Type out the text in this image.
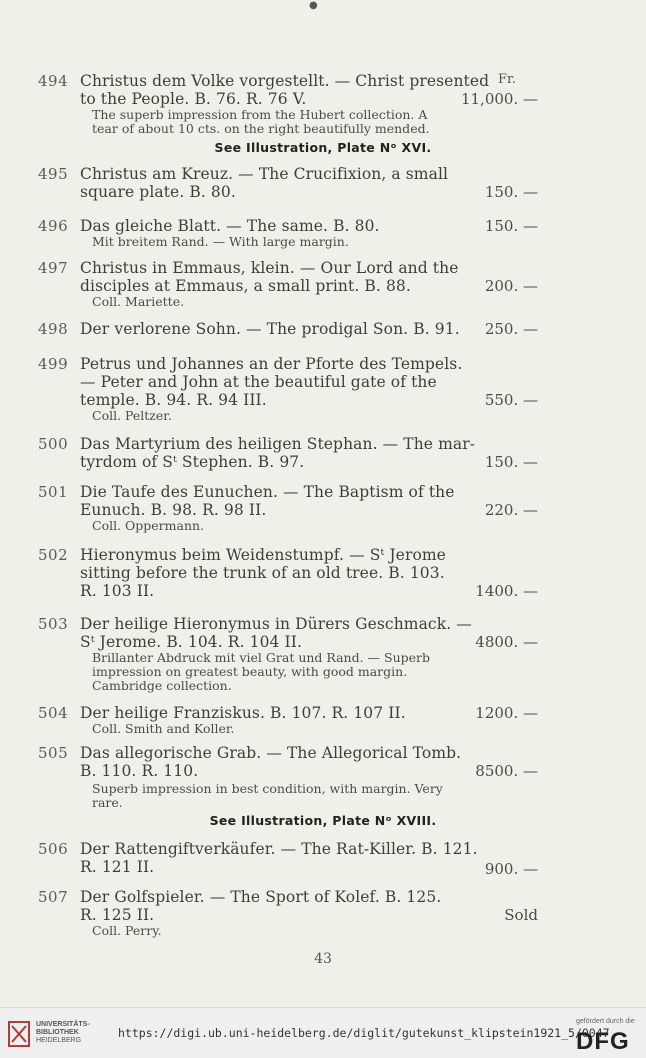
●
Fr.
494 Christus dem Volke vorgestellt. — Christ presented
to the People. B. 76. R. 76 V.	11,000. —
The superb impression from the Hubert collection. A
tear of about 10 cts. on the right beautifully mended.
See Illustration, Plate Nᵒ XVI.
495 Christus am Kreuz. — The Crucifixion, a small
square plate. B. 80.	150. —
496 Das gleiche Blatt. — The same. B. 80.	150. —
Mit breitem Rand. — With large margin.
497 Christus in Emmaus, klein. — Our Lord and the
disciples at Emmaus, a small print. B. 88.	200. —
Coll. Mariette.
498 Der verlorene Sohn. — The prodigal Son. B. 91.	250. —
499 Petrus und Johannes an der Pforte des Tempels.
— Peter and John at the beautiful gate of the
temple. B. 94. R. 94 III.	550. —
Coll. Peltzer.
500 Das Martyrium des heiligen Stephan. — The mar-
tyrdom of Sᵗ Stephen. B. 97.	150. —
501 Die Taufe des Eunuchen. — The Baptism of the
Eunuch. B. 98. R. 98 II.	220. —
Coll. Oppermann.
502 Hieronymus beim Weidenstumpf. — Sᵗ Jerome
sitting before the trunk of an old tree. B. 103.
R. 103 II.	1400. —
503 Der heilige Hieronymus in Dürers Geschmack. —
Sᵗ Jerome. B. 104. R. 104 II.	4800. —
Brillanter Abdruck mit viel Grat und Rand. — Superb
impression on greatest beauty, with good margin.
Cambridge collection.
504 Der heilige Franziskus. B. 107. R. 107 II.	1200. —
Coll. Smith and Koller.
505 Das allegorische Grab. — The Allegorical Tomb.
B. 110. R. 110.	8500. —
Superb impression in best condition, with margin. Very
rare.
See Illustration, Plate Nᵒ XVIII.
506 Der Rattengiftverkäufer. — The Rat-Killer. B. 121.
R. 121 II.	900. —
507 Der Golfspieler. — The Sport of Kolef. B. 125.
R. 125 II.	Sold
Coll. Perry.
43
UNIVERSITÄTS-
BIBLIOTHEK
HEIDELBERG
https://digi.ub.uni-heidelberg.de/diglit/gutekunst_klipstein1921_5/0047
gefördert durch die
DFG
